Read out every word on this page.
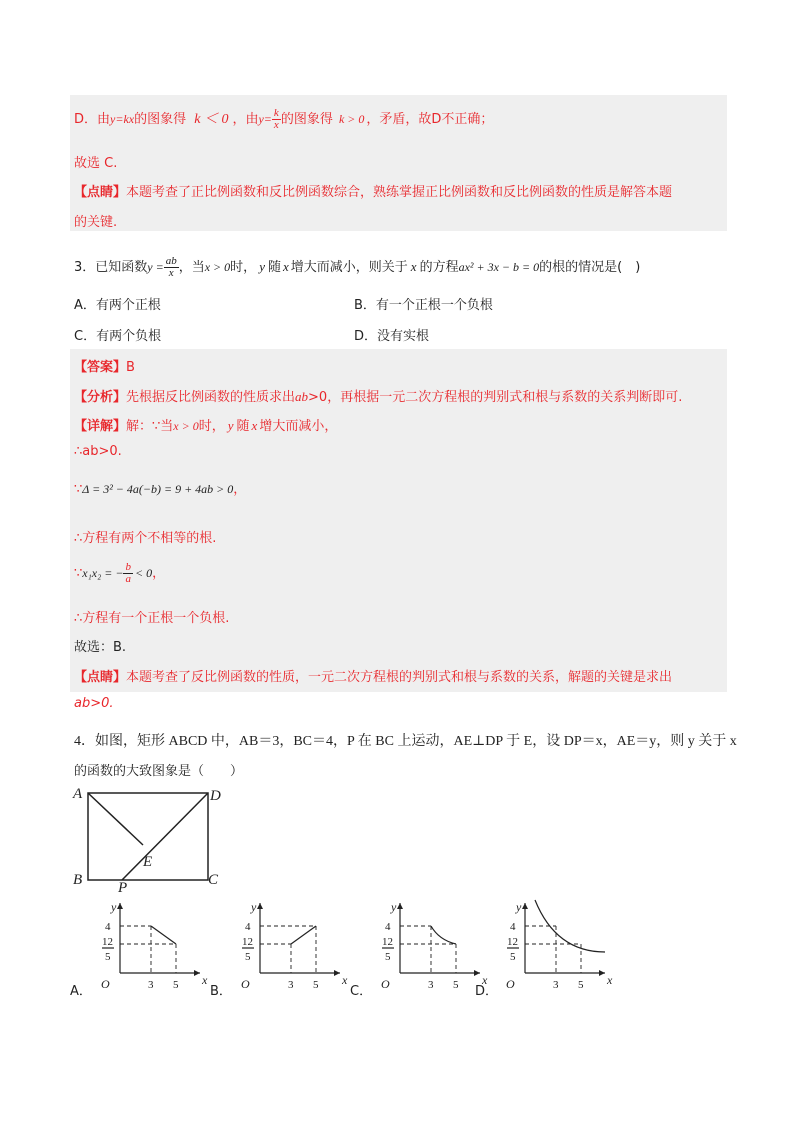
D．由y=kx的图象得 k ＜ 0 ，由$y= \frac{k}{x}$ 的图象得 k > 0 ，矛盾，故D不正确；
故选 C.
【点睛】本题考查了正比例函数和反比例函数综合，熟练掌握正比例函数和反比例函数的性质是解答本题
的关键.
3．已知函数$y = \frac{ab}{x}$ ，当x > 0时， y 随 x 增大而减小，则关于 x 的方程ax² + 3x − b = 0的根的情况是(　)
A．有两个正根	B．有一个正根一个负根
C．有两个负根	D．没有实根
【答案】B
【分析】先根据反比例函数的性质求出ab>0，再根据一元二次方程根的判别式和根与系数的关系判断即可.
【详解】解：∵当x > 0时， y 随 x 增大而减小，
∴ab>0.
∵Δ = 3² − 4a(−b) = 9 + 4ab > 0，
∴方程有两个不相等的根.
∵x₁x₂ = − $\frac{b}{a} < 0$，
∴方程有一个正根一个负根.
故选：B.
【点睛】本题考查了反比例函数的性质，一元二次方程根的判别式和根与系数的关系，解题的关键是求出
ab>0.
4．如图，矩形 ABCD 中，AB＝3，BC＝4，P 在 BC 上运动，AE⊥DP 于 E，设 DP＝x，AE＝y，则 y 关于 x
的函数的大致图象是（　　）
A	D
B	C
E
P
A．
y
x
O
4
12
5
3 5 B．
y
x
O
4
12
5
3 5 C．
y
x
O
4
12
5
3 5 D．
y
x
O
4
12
5
3 5
